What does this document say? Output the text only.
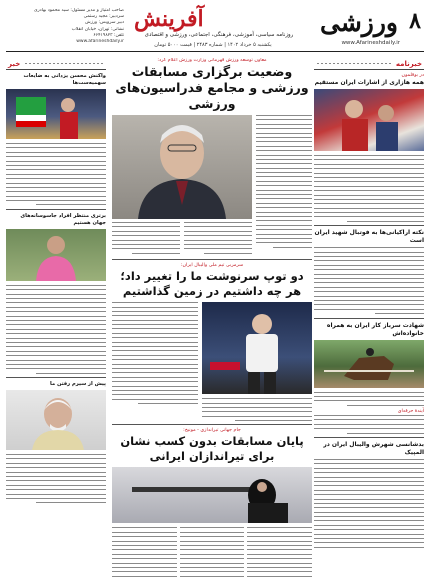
۸
ورزشی
www.Afarineshdaily.ir
آفرینش
روزنامه سیاسی، آموزشی، فرهنگی، اجتماعی، ورزشی و اقتصادی
یکشنبه ۵ خرداد ۱۴۰۲ | شماره ۲۴۸۳ | قیمت ۵۰۰۰ تومان
صاحب امتیاز و مدیر مسئول: سید محمود بهادری
سردبیر: مجید رستمی
دبیر سرویس: ورزش
نشانی: تهران، خیابان انقلاب
تلفن: ۶۶۴۱۹۸۲۳
www.afarineshdaily.ir
خبرنامه
در بوقلمون
همه هازاری از اشارات ایران مستقیم
نکته اراکیانی‌ها به فوتبال شهید ایران است
شهادت سرباز کار ایران به همراه خانواده‌اش
آیندهٔ حرفه‌ای
بدشانسی شهرش والیبال ایران در المپیک
معاون توسعه ورزش قهرمانی وزارت ورزش اعلام کرد:
وضعیت برگزاری مسابقات ورزشی و مجامع فدراسیون‌های ورزشی
سرمربی تیم ملی والیبال ایران:
دو توپ سرنوشت ما را تغییر داد؛ هر چه داشتیم در زمین گذاشتیم
جام جهانی تیراندازی - مونیخ:
پایان مسابقات بدون کسب نشان برای تیراندازان ایرانی
خبر
واکنش محسن یزدانی به ضایعات سهمیه‌ست‌ها
برتری منتظر افراد جاسوسانه‌های جهان هستیم
پیش از سیرم رفتن ما
